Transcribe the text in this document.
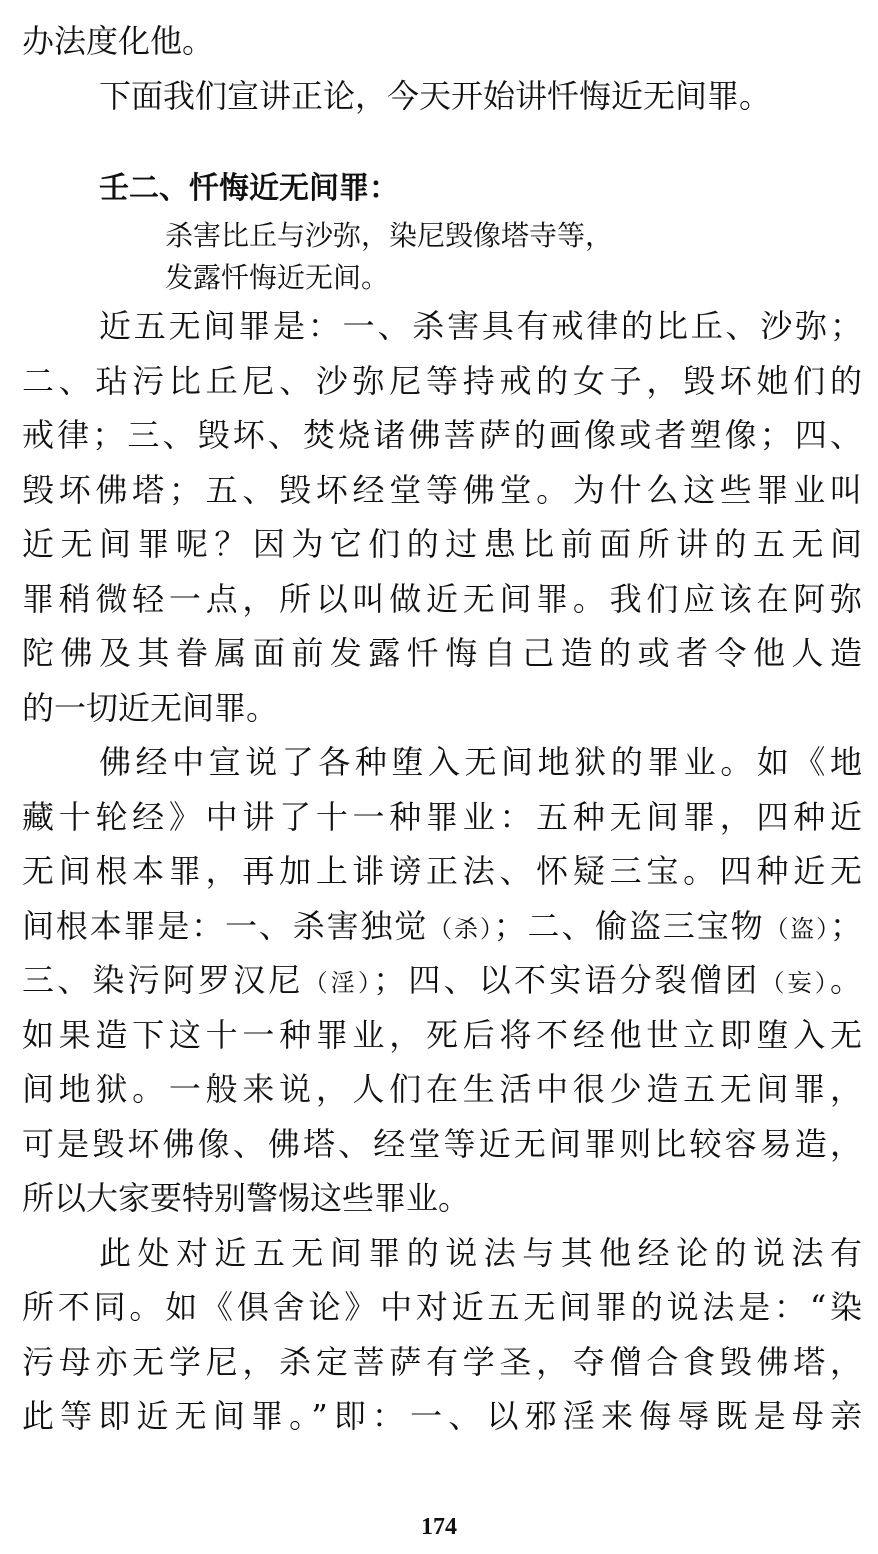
办法度化他。
下面我们宣讲正论，今天开始讲忏悔近无间罪。
壬二、忏悔近无间罪：
杀害比丘与沙弥，染尼毁像塔寺等，
发露忏悔近无间。
近五无间罪是：一、杀害具有戒律的比丘、沙弥；
二、玷污比丘尼、沙弥尼等持戒的女子，毁坏她们的
戒律；三、毁坏、焚烧诸佛菩萨的画像或者塑像；四、
毁坏佛塔；五、毁坏经堂等佛堂。为什么这些罪业叫
近无间罪呢？因为它们的过患比前面所讲的五无间
罪稍微轻一点，所以叫做近无间罪。我们应该在阿弥
陀佛及其眷属面前发露忏悔自己造的或者令他人造
的一切近无间罪。
佛经中宣说了各种堕入无间地狱的罪业。如《地
藏十轮经》中讲了十一种罪业：五种无间罪，四种近
无间根本罪，再加上诽谤正法、怀疑三宝。四种近无
间根本罪是：一、杀害独觉（杀）；二、偷盗三宝物（盗）；
三、染污阿罗汉尼（淫）；四、以不实语分裂僧团（妄）。
如果造下这十一种罪业，死后将不经他世立即堕入无
间地狱。一般来说，人们在生活中很少造五无间罪，
可是毁坏佛像、佛塔、经堂等近无间罪则比较容易造，
所以大家要特别警惕这些罪业。
此处对近五无间罪的说法与其他经论的说法有
所不同。如《俱舍论》中对近五无间罪的说法是：“染
污母亦无学尼，杀定菩萨有学圣，夺僧合食毁佛塔，
此等即近无间罪。”即：一、以邪淫来侮辱既是母亲
174
